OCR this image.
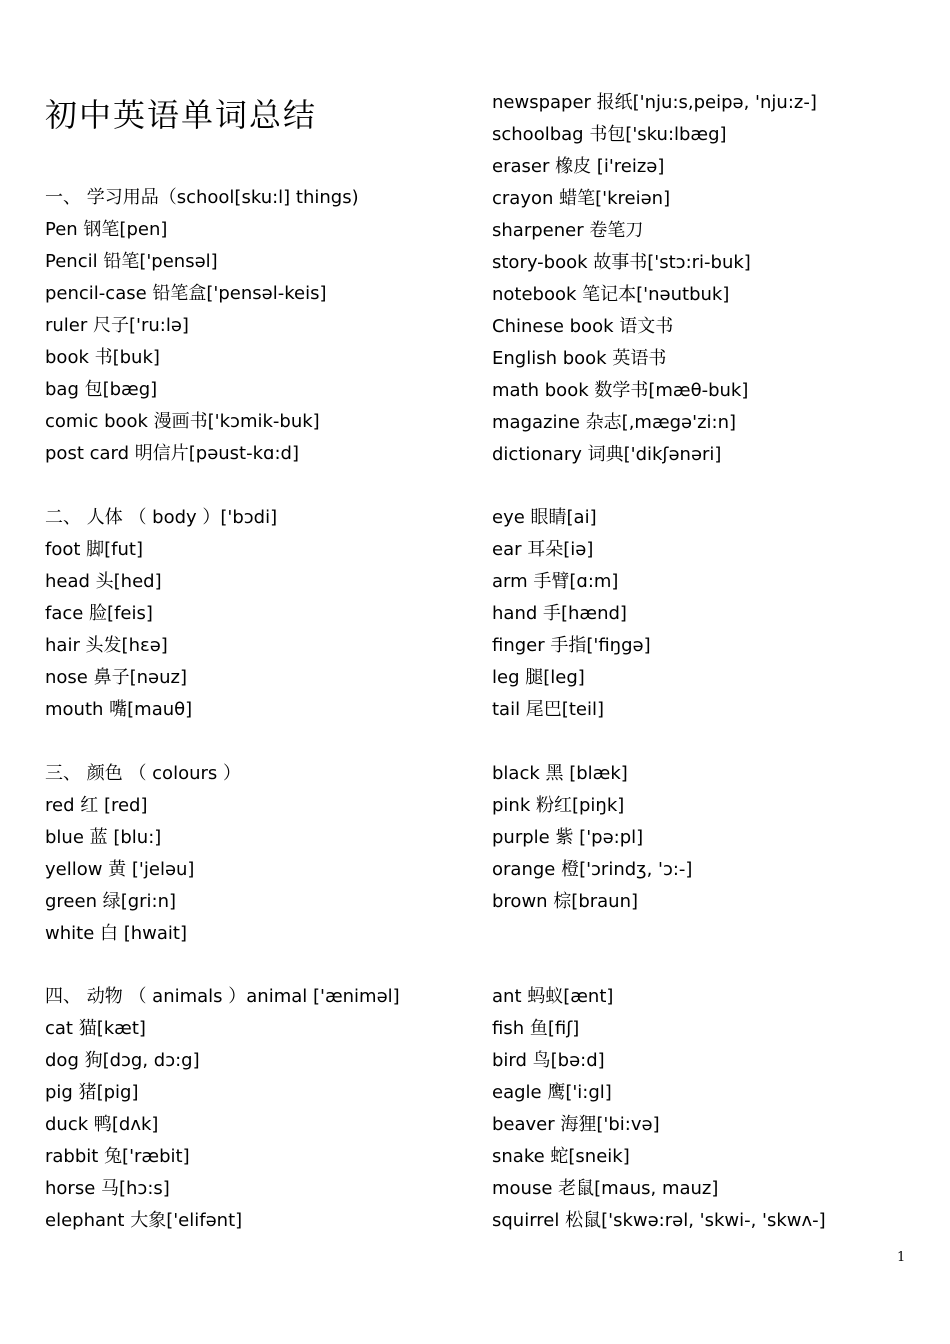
初中英语单词总结
一、 学习用品（school[sku:l] things)
Pen 钢笔[pen]
Pencil 铅笔['pensəl]
pencil-case 铅笔盒['pensəl-keis]
ruler 尺子['ru:lə]
book 书[buk]
bag 包[bæg]
comic book 漫画书['kɔmik-buk]
post card 明信片[pəust-kɑ:d]
二、 人体 （ body ）['bɔdi]
foot 脚[fut]
head 头[hed]
face 脸[feis]
hair 头发[hεə]
nose 鼻子[nəuz]
mouth 嘴[mauθ]
三、 颜色 （ colours ）
red 红 [red]
blue 蓝 [blu:]
yellow 黄 ['jeləu]
green 绿[gri:n]
white 白 [hwait]
四、 动物 （ animals ）animal ['ænimәl]
cat 猫[kæt]
dog 狗[dɔg, dɔ:g]
pig 猪[pig]
duck 鸭[dʌk]
rabbit 兔['ræbit]
horse 马[hɔ:s]
elephant 大象['elifənt]
newspaper 报纸['nju:s,peipə, 'nju:z-]
schoolbag 书包['sku:lbæg]
eraser 橡皮 [i'reizə]
crayon 蜡笔['kreiən]
sharpener 卷笔刀
story-book 故事书['stɔ:ri-buk]
notebook 笔记本['nəutbuk]
Chinese book 语文书
English book 英语书
math book 数学书[mæθ-buk]
magazine 杂志[,mægə'zi:n]
dictionary 词典['dikʃənəri]
eye 眼睛[ai]
ear 耳朵[iə]
arm 手臂[ɑ:m]
hand 手[hænd]
finger 手指['fiŋgə]
leg 腿[leg]
tail 尾巴[teil]
black 黑 [blæk]
pink 粉红[piŋk]
purple 紫 ['pə:pl]
orange 橙['ɔrindʒ, 'ɔ:-]
brown 棕[braun]
ant 蚂蚁[ænt]
fish 鱼[fiʃ]
bird 鸟[bə:d]
eagle 鹰['i:gl]
beaver 海狸['bi:və]
snake 蛇[sneik]
mouse 老鼠[maus, mauz]
squirrel 松鼠['skwə:rəl, 'skwi-, 'skwʌ-]
1
